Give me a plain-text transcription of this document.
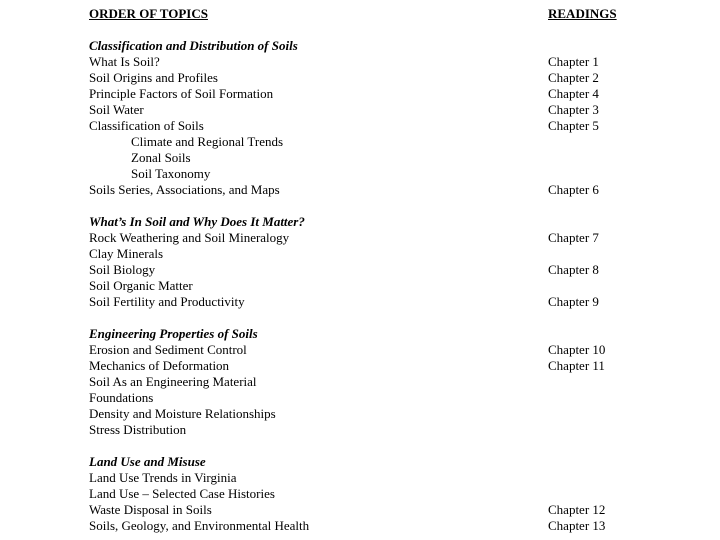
ORDER OF TOPICS	READINGS
Classification and Distribution of Soils
What Is Soil?	Chapter 1
Soil Origins and Profiles	Chapter 2
Principle Factors of Soil Formation	Chapter 4
Soil Water	Chapter 3
Classification of Soils	Chapter 5
Climate and Regional Trends
Zonal Soils
Soil Taxonomy
Soils Series, Associations, and Maps	Chapter 6
What’s In Soil and Why Does It Matter?
Rock Weathering and Soil Mineralogy	Chapter 7
Clay Minerals
Soil Biology	Chapter 8
Soil Organic Matter
Soil Fertility and Productivity	Chapter 9
Engineering Properties of Soils
Erosion and Sediment Control	Chapter 10
Mechanics of Deformation	Chapter 11
Soil As an Engineering Material
Foundations
Density and Moisture Relationships
Stress Distribution
Land Use and Misuse
Land Use Trends in Virginia
Land Use – Selected Case Histories
Waste Disposal in Soils	Chapter 12
Soils, Geology, and Environmental Health	Chapter 13
